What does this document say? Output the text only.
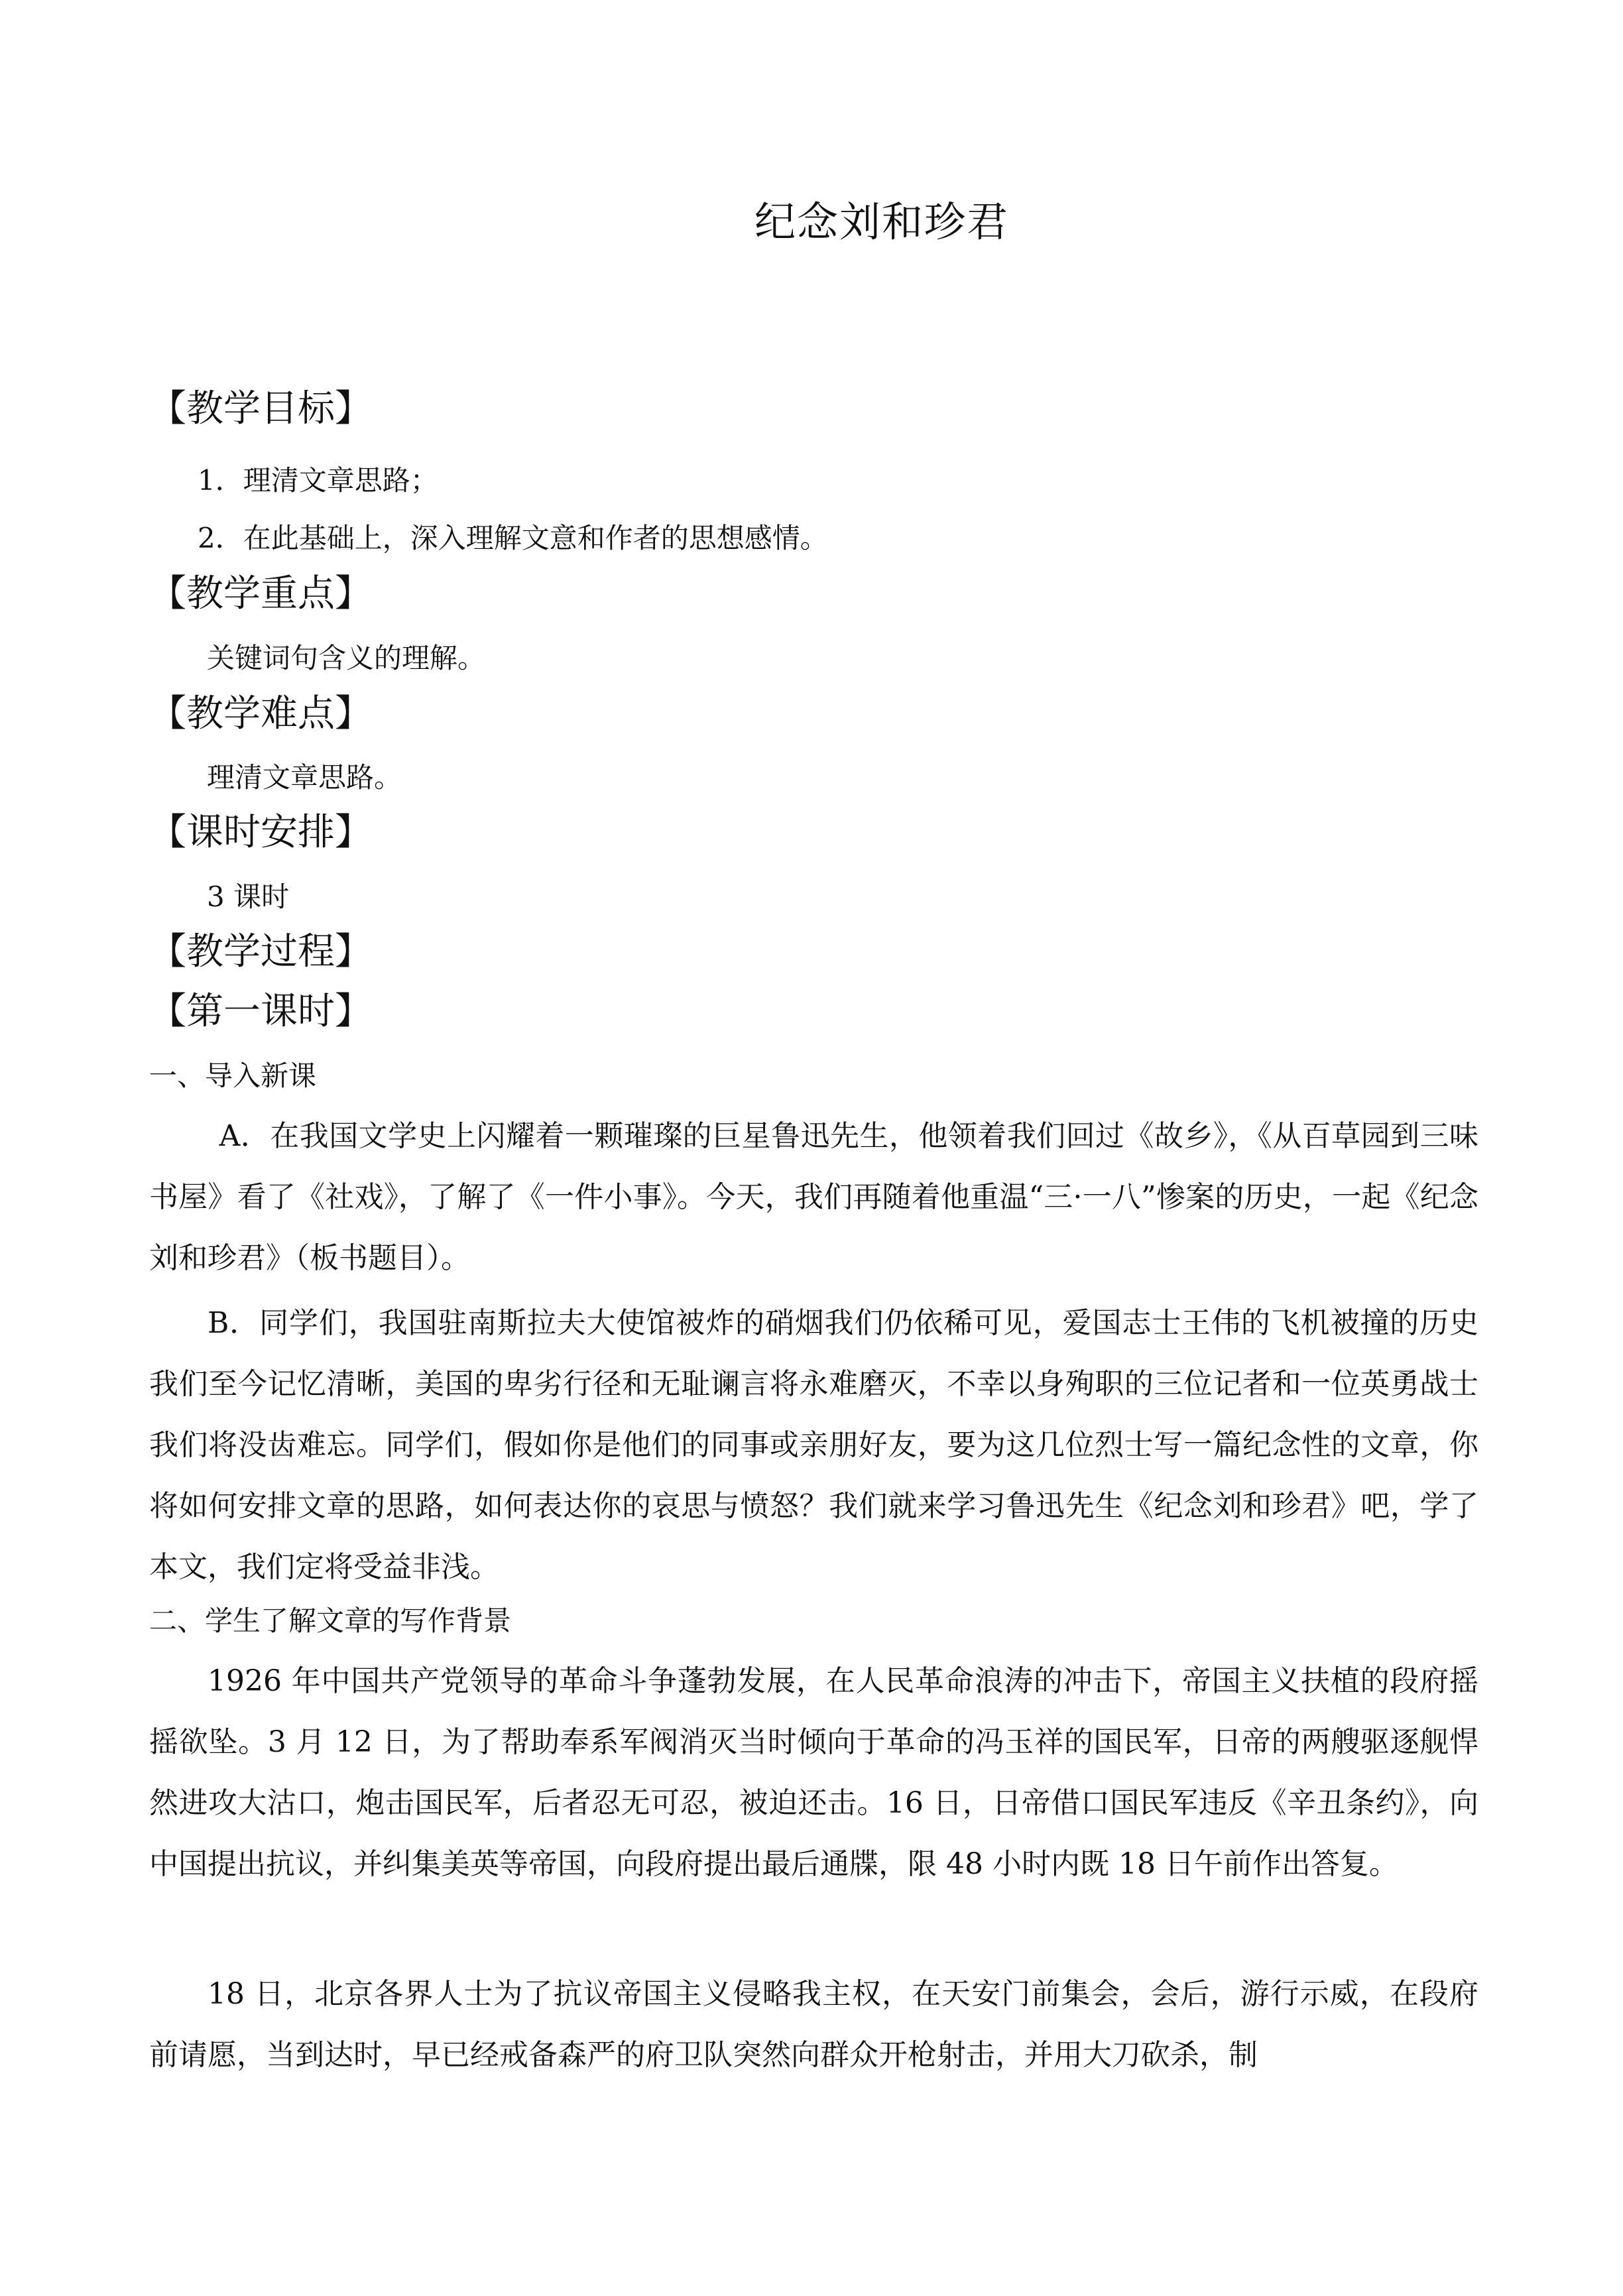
纪念刘和珍君
【教学目标】
1．理清文章思路；
2．在此基础上，深入理解文意和作者的思想感情。
【教学重点】
关键词句含义的理解。
【教学难点】
理清文章思路。
【课时安排】
3 课时
【教学过程】
【第一课时】
一、导入新课
A．在我国文学史上闪耀着一颗璀璨的巨星鲁迅先生，他领着我们回过《故乡》，《从百草园到三味书屋》看了《社戏》，了解了《一件小事》。今天，我们再随着他重温“三·一八”惨案的历史，一起《纪念刘和珍君》（板书题目）。
B．同学们，我国驻南斯拉夫大使馆被炸的硝烟我们仍依稀可见，爱国志士王伟的飞机被撞的历史我们至今记忆清晰，美国的卑劣行径和无耻谰言将永难磨灭，不幸以身殉职的三位记者和一位英勇战士我们将没齿难忘。同学们，假如你是他们的同事或亲朋好友，要为这几位烈士写一篇纪念性的文章，你将如何安排文章的思路，如何表达你的哀思与愤怒？我们就来学习鲁迅先生《纪念刘和珍君》吧，学了本文，我们定将受益非浅。
二、学生了解文章的写作背景
1926 年中国共产党领导的革命斗争蓬勃发展，在人民革命浪涛的冲击下，帝国主义扶植的段府摇摇欲坠。3 月 12 日，为了帮助奉系军阀消灭当时倾向于革命的冯玉祥的国民军，日帝的两艘驱逐舰悍然进攻大沽口，炮击国民军，后者忍无可忍，被迫还击。16 日，日帝借口国民军违反《辛丑条约》，向中国提出抗议，并纠集美英等帝国，向段府提出最后通牒，限 48 小时内既 18 日午前作出答复。
18 日，北京各界人士为了抗议帝国主义侵略我主权，在天安门前集会，会后，游行示威，在段府前请愿，当到达时，早已经戒备森严的府卫队突然向群众开枪射击，并用大刀砍杀，制
